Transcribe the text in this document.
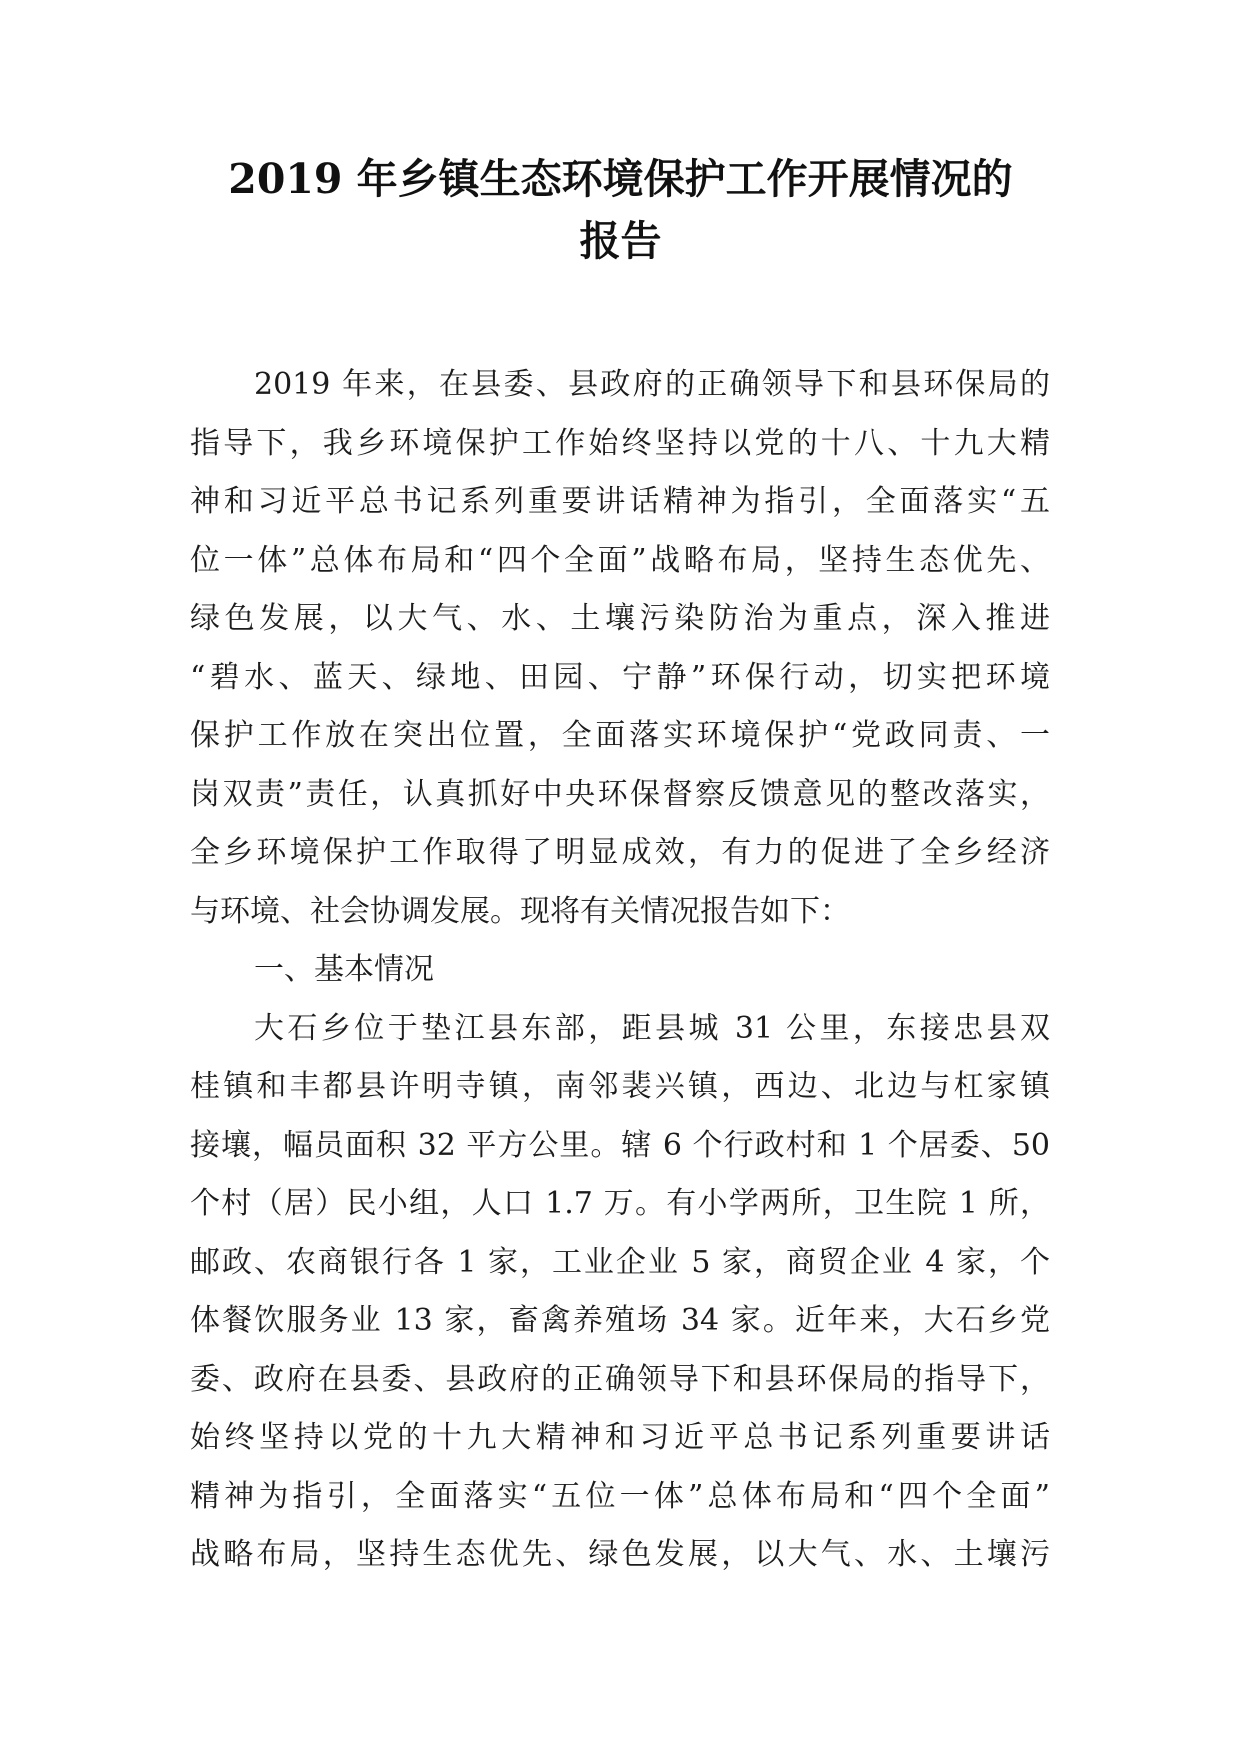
2019 年乡镇生态环境保护工作开展情况的
报告
2019 年来，在县委、县政府的正确领导下和县环保局的
指导下，我乡环境保护工作始终坚持以党的十八、十九大精
神和习近平总书记系列重要讲话精神为指引，全面落实“五
位一体”总体布局和“四个全面”战略布局，坚持生态优先、
绿色发展，以大气、水、土壤污染防治为重点，深入推进
“碧水、蓝天、绿地、田园、宁静”环保行动，切实把环境
保护工作放在突出位置，全面落实环境保护“党政同责、一
岗双责”责任，认真抓好中央环保督察反馈意见的整改落实，
全乡环境保护工作取得了明显成效，有力的促进了全乡经济
与环境、社会协调发展。现将有关情况报告如下：
一、基本情况
大石乡位于垫江县东部，距县城 31 公里，东接忠县双
桂镇和丰都县许明寺镇，南邻裴兴镇，西边、北边与杠家镇
接壤，幅员面积 32 平方公里。辖 6 个行政村和 1 个居委、50
个村（居）民小组，人口 1.7 万。有小学两所，卫生院 1 所，
邮政、农商银行各 1 家，工业企业 5 家，商贸企业 4 家，个
体餐饮服务业 13 家，畜禽养殖场 34 家。近年来，大石乡党
委、政府在县委、县政府的正确领导下和县环保局的指导下，
始终坚持以党的十九大精神和习近平总书记系列重要讲话
精神为指引，全面落实“五位一体”总体布局和“四个全面”
战略布局，坚持生态优先、绿色发展，以大气、水、土壤污
